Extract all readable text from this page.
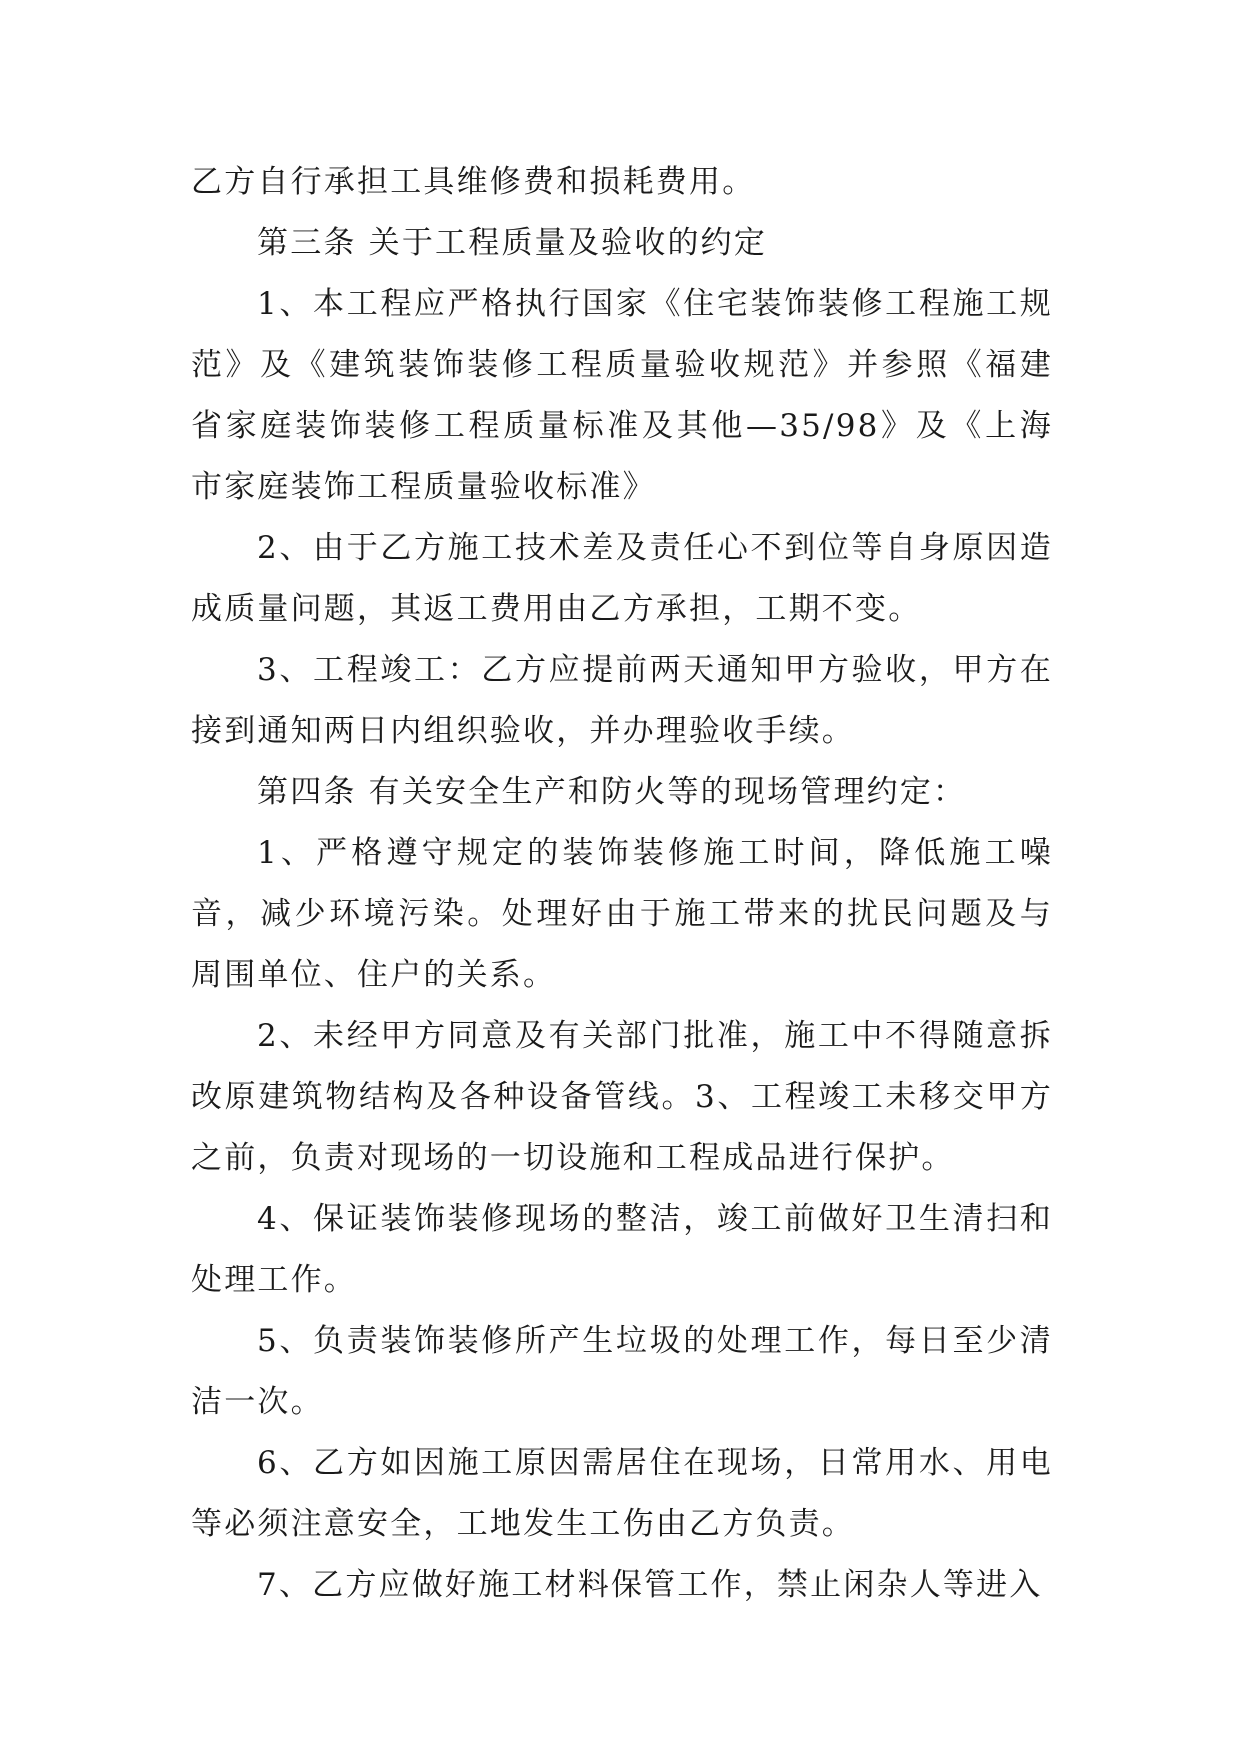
乙方自行承担工具维修费和损耗费用。

第三条 关于工程质量及验收的约定

1、本工程应严格执行国家《住宅装饰装修工程施工规范》及《建筑装饰装修工程质量验收规范》并参照《福建省家庭装饰装修工程质量标准及其他—35/98》及《上海市家庭装饰工程质量验收标准》

2、由于乙方施工技术差及责任心不到位等自身原因造成质量问题，其返工费用由乙方承担，工期不变。

3、工程竣工：乙方应提前两天通知甲方验收，甲方在接到通知两日内组织验收，并办理验收手续。

第四条 有关安全生产和防火等的现场管理约定：

1、严格遵守规定的装饰装修施工时间，降低施工噪音，减少环境污染。处理好由于施工带来的扰民问题及与周围单位、住户的关系。

2、未经甲方同意及有关部门批准，施工中不得随意拆改原建筑物结构及各种设备管线。3、工程竣工未移交甲方之前，负责对现场的一切设施和工程成品进行保护。

4、保证装饰装修现场的整洁，竣工前做好卫生清扫和处理工作。

5、负责装饰装修所产生垃圾的处理工作，每日至少清洁一次。

6、乙方如因施工原因需居住在现场，日常用水、用电等必须注意安全，工地发生工伤由乙方负责。

7、乙方应做好施工材料保管工作，禁止闲杂人等进入
